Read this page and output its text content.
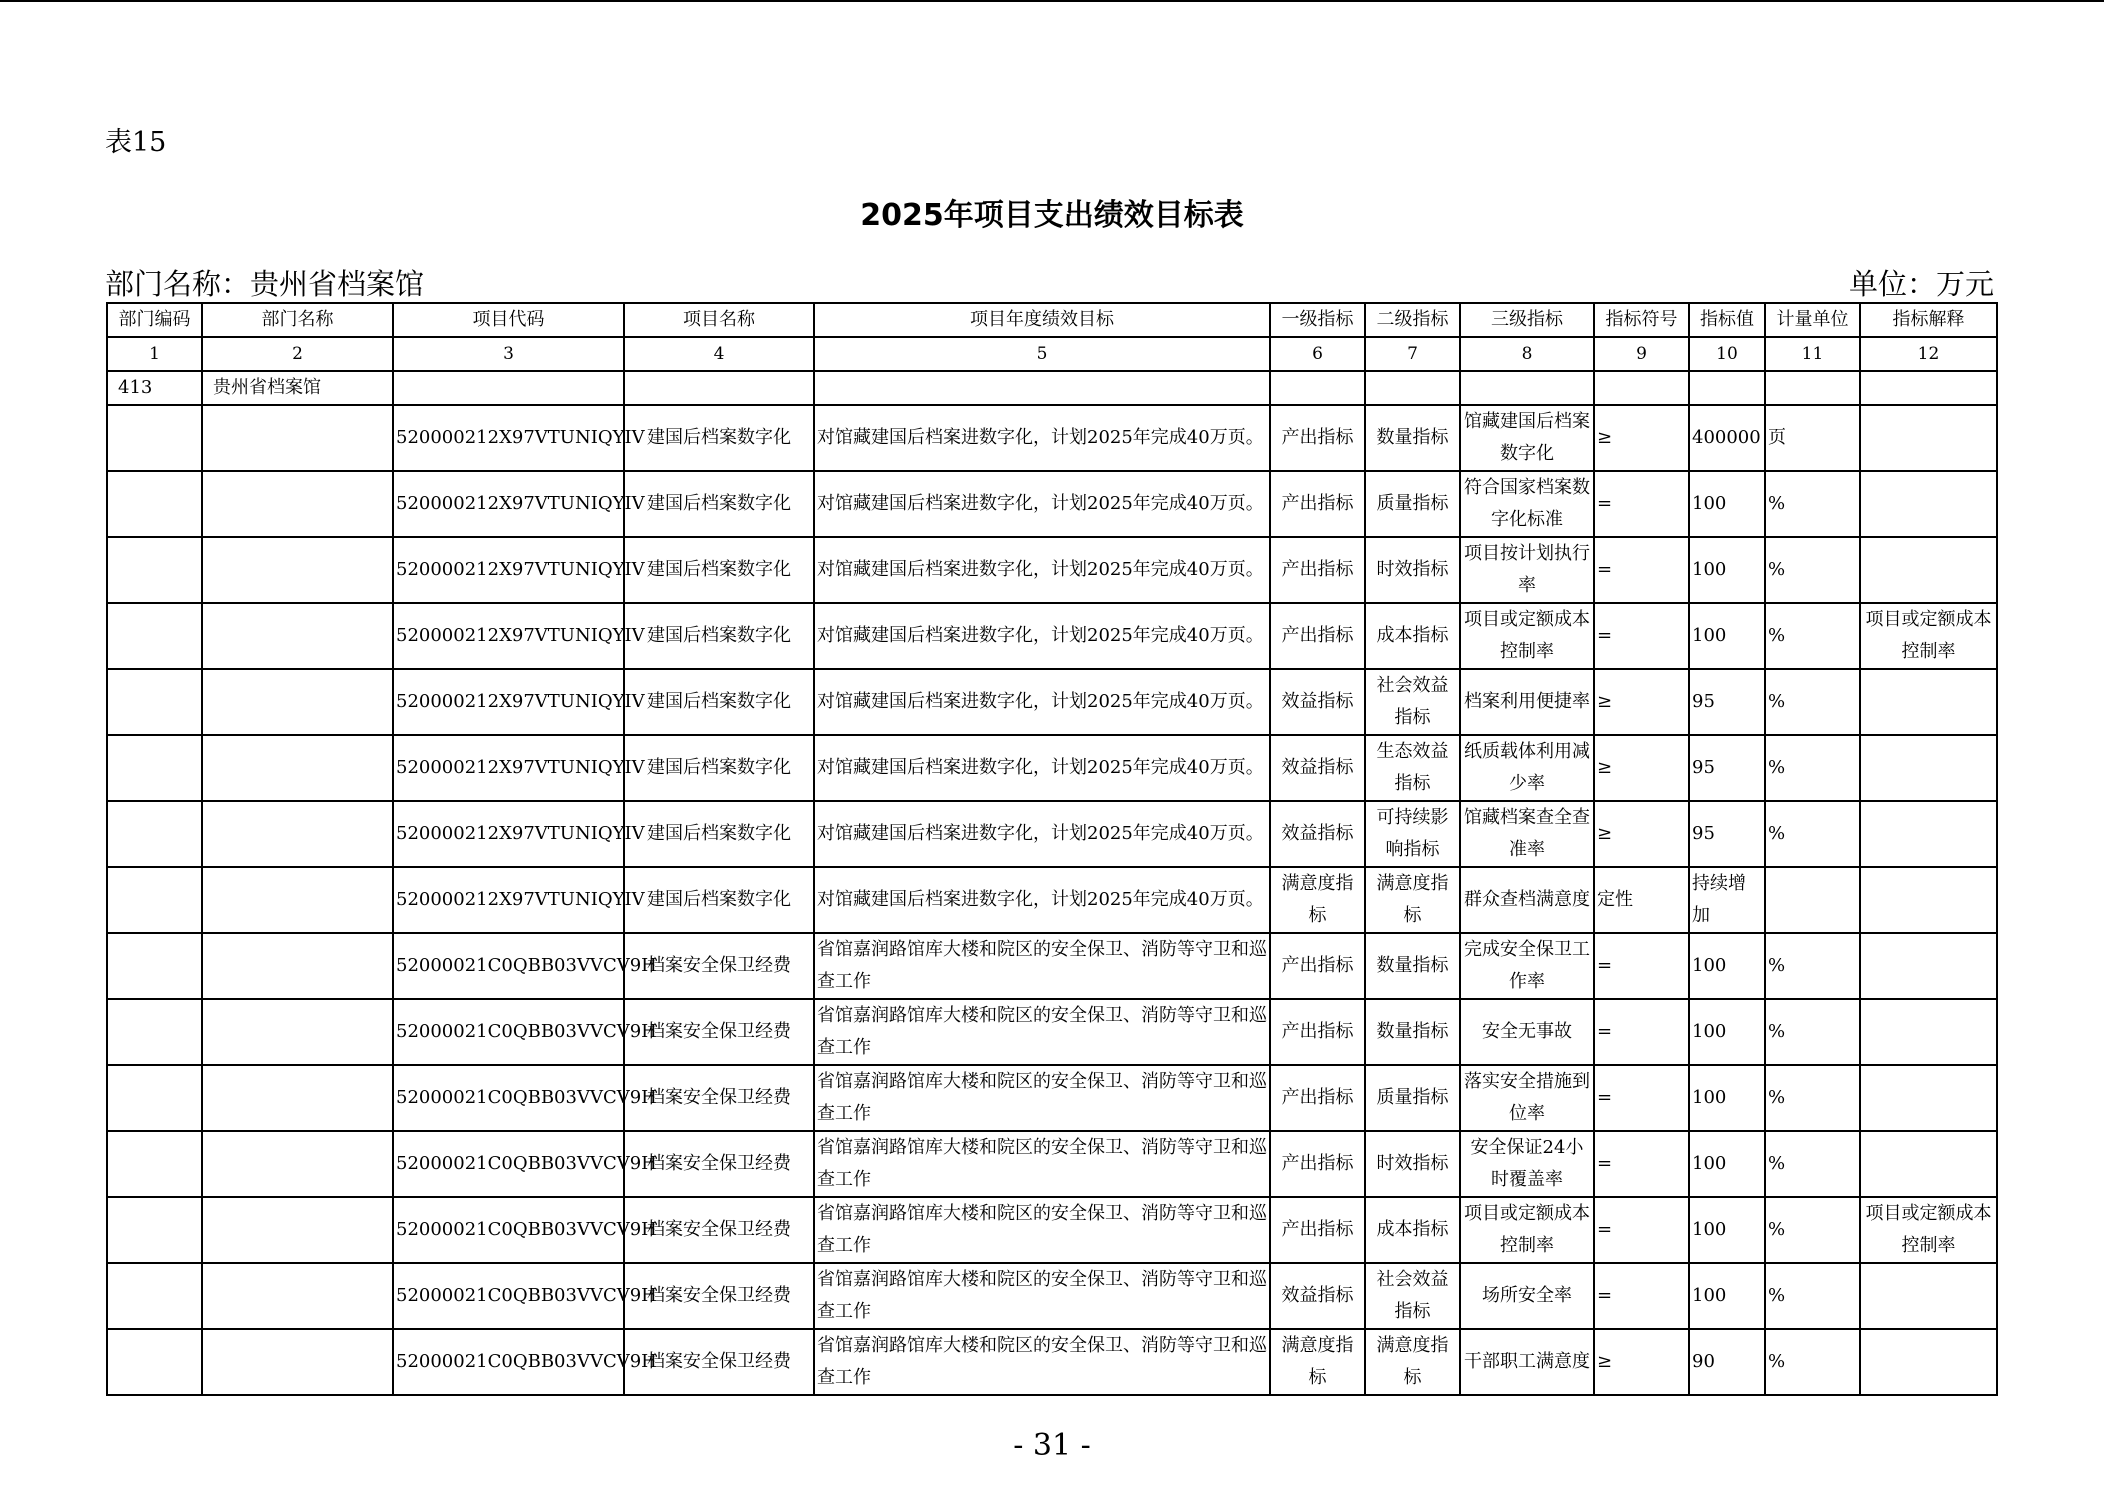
表15
2025年项目支出绩效目标表
部门名称：贵州省档案馆	单位：万元
部门编码	部门名称	项目代码	项目名称	项目年度绩效目标	一级指标	二级指标	三级指标	指标符号	指标值	计量单位	指标解释
1	2	3	4	5	6	7	8	9	10	11	12
413	贵州省档案馆										
		520000212X97VTUNIQYIV	建国后档案数字化	对馆藏建国后档案进数字化，计划2025年完成40万页。	产出指标	数量指标	馆藏建国后档案数字化	≥	400000	页	
		520000212X97VTUNIQYIV	建国后档案数字化	对馆藏建国后档案进数字化，计划2025年完成40万页。	产出指标	质量指标	符合国家档案数字化标准	=	100	%	
		520000212X97VTUNIQYIV	建国后档案数字化	对馆藏建国后档案进数字化，计划2025年完成40万页。	产出指标	时效指标	项目按计划执行率	=	100	%	
		520000212X97VTUNIQYIV	建国后档案数字化	对馆藏建国后档案进数字化，计划2025年完成40万页。	产出指标	成本指标	项目或定额成本控制率	=	100	%	项目或定额成本控制率
		520000212X97VTUNIQYIV	建国后档案数字化	对馆藏建国后档案进数字化，计划2025年完成40万页。	效益指标	社会效益指标	档案利用便捷率	≥	95	%	
		520000212X97VTUNIQYIV	建国后档案数字化	对馆藏建国后档案进数字化，计划2025年完成40万页。	效益指标	生态效益指标	纸质载体利用减少率	≥	95	%	
		520000212X97VTUNIQYIV	建国后档案数字化	对馆藏建国后档案进数字化，计划2025年完成40万页。	效益指标	可持续影响指标	馆藏档案查全查准率	≥	95	%	
		520000212X97VTUNIQYIV	建国后档案数字化	对馆藏建国后档案进数字化，计划2025年完成40万页。	满意度指标	满意度指标	群众查档满意度	定性	持续增加		
		52000021C0QBB03VVCV9H	档案安全保卫经费	省馆嘉润路馆库大楼和院区的安全保卫、消防等守卫和巡查工作	产出指标	数量指标	完成安全保卫工作率	=	100	%	
		52000021C0QBB03VVCV9H	档案安全保卫经费	省馆嘉润路馆库大楼和院区的安全保卫、消防等守卫和巡查工作	产出指标	数量指标	安全无事故	=	100	%	
		52000021C0QBB03VVCV9H	档案安全保卫经费	省馆嘉润路馆库大楼和院区的安全保卫、消防等守卫和巡查工作	产出指标	质量指标	落实安全措施到位率	=	100	%	
		52000021C0QBB03VVCV9H	档案安全保卫经费	省馆嘉润路馆库大楼和院区的安全保卫、消防等守卫和巡查工作	产出指标	时效指标	安全保证24小时覆盖率	=	100	%	
		52000021C0QBB03VVCV9H	档案安全保卫经费	省馆嘉润路馆库大楼和院区的安全保卫、消防等守卫和巡查工作	产出指标	成本指标	项目或定额成本控制率	=	100	%	项目或定额成本控制率
		52000021C0QBB03VVCV9H	档案安全保卫经费	省馆嘉润路馆库大楼和院区的安全保卫、消防等守卫和巡查工作	效益指标	社会效益指标	场所安全率	=	100	%	
		52000021C0QBB03VVCV9H	档案安全保卫经费	省馆嘉润路馆库大楼和院区的安全保卫、消防等守卫和巡查工作	满意度指标	满意度指标	干部职工满意度	≥	90	%	
- 31 -
